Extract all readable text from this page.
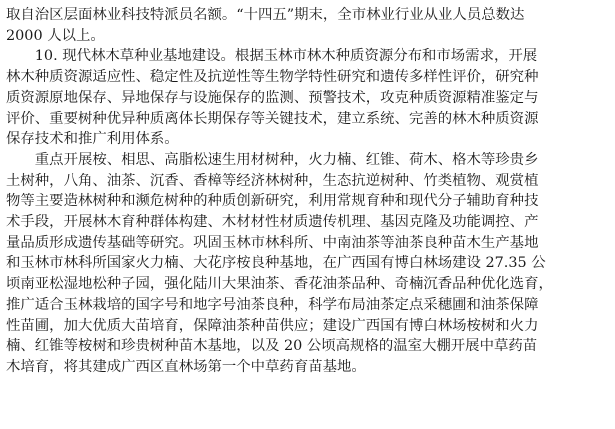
取自治区层面林业科技特派员名额。“十四五”期末，全市林业行业从业人员总数达
2000 人以上。

　　10. 现代林木草种业基地建设。根据玉林市林木种质资源分布和市场需求，开展
林木种质资源适应性、稳定性及抗逆性等生物学特性研究和遗传多样性评价，研究种
质资源原地保存、异地保存与设施保存的监测、预警技术，攻克种质资源精准鉴定与
评价、重要树种优异种质离体长期保存等关键技术，建立系统、完善的林木种质资源
保存技术和推广利用体系。

　　重点开展桉、相思、高脂松速生用材树种，火力楠、红锥、荷木、格木等珍贵乡
土树种，八角、油茶、沉香、香樟等经济林树种，生态抗逆树种、竹类植物、观赏植
物等主要造林树种和濒危树种的种质创新研究，利用常规育种和现代分子辅助育种技
术手段，开展林木育种群体构建、木材材性材质遗传机理、基因克隆及功能调控、产
量品质形成遗传基础等研究。巩固玉林市林科所、中南油茶等油茶良种苗木生产基地
和玉林市林科所国家火力楠、大花序桉良种基地，在广西国有博白林场建设 27.35 公
顷南亚松湿地松种子园，强化陆川大果油茶、香花油茶品种、奇楠沉香品种优化选育，
推广适合玉林栽培的国字号和地字号油茶良种，科学布局油茶定点采穗圃和油茶保障
性苗圃，加大优质大苗培育，保障油茶种苗供应；建设广西国有博白林场桉树和火力
楠、红锥等桉树和珍贵树种苗木基地，以及 20 公顷高规格的温室大棚开展中草药苗
木培育，将其建成广西区直林场第一个中草药育苗基地。
